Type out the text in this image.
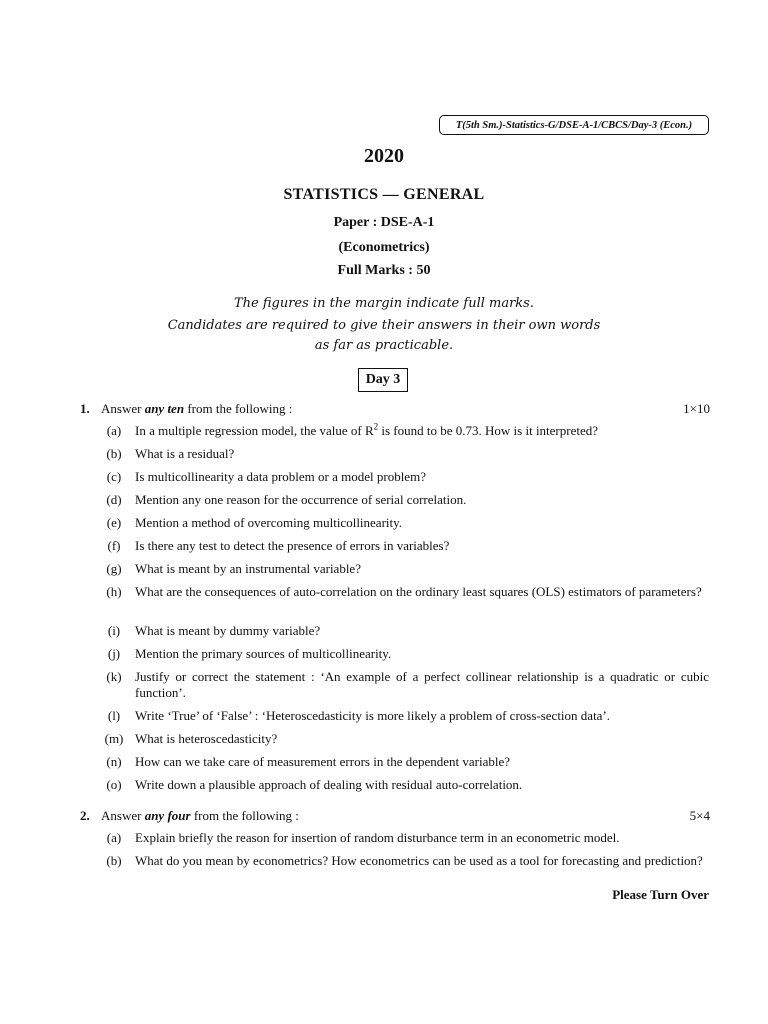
T(5th Sm.)-Statistics-G/DSE-A-1/CBCS/Day-3 (Econ.)
2020
STATISTICS — GENERAL
Paper : DSE-A-1
(Econometrics)
Full Marks : 50
The figures in the margin indicate full marks.
Candidates are required to give their answers in their own words
as far as practicable.
Day 3
1. Answer any ten from the following :	1×10
(a)	In a multiple regression model, the value of $R^2$ is found to be 0.73. How is it interpreted?
(b)	What is a residual?
(c)	Is multicollinearity a data problem or a model problem?
(d)	Mention any one reason for the occurrence of serial correlation.
(e)	Mention a method of overcoming multicollinearity.
(f)	Is there any test to detect the presence of errors in variables?
(g)	What is meant by an instrumental variable?
(h)	What are the consequences of auto-correlation on the ordinary least squares (OLS) estimators of parameters?
(i)	What is meant by dummy variable?
(j)	Mention the primary sources of multicollinearity.
(k)	Justify or correct the statement : ‘An example of a perfect collinear relationship is a quadratic or cubic function’.
(l)	Write ‘True’ of ‘False’ : ‘Heteroscedasticity is more likely a problem of cross-section data’.
(m) What is heteroscedasticity?
(n)	How can we take care of measurement errors in the dependent variable?
(o)	Write down a plausible approach of dealing with residual auto-correlation.
2. Answer any four from the following :	5×4
(a)	Explain briefly the reason for insertion of random disturbance term in an econometric model.
(b)	What do you mean by econometrics? How econometrics can be used as a tool for forecasting and prediction?
Please Turn Over
